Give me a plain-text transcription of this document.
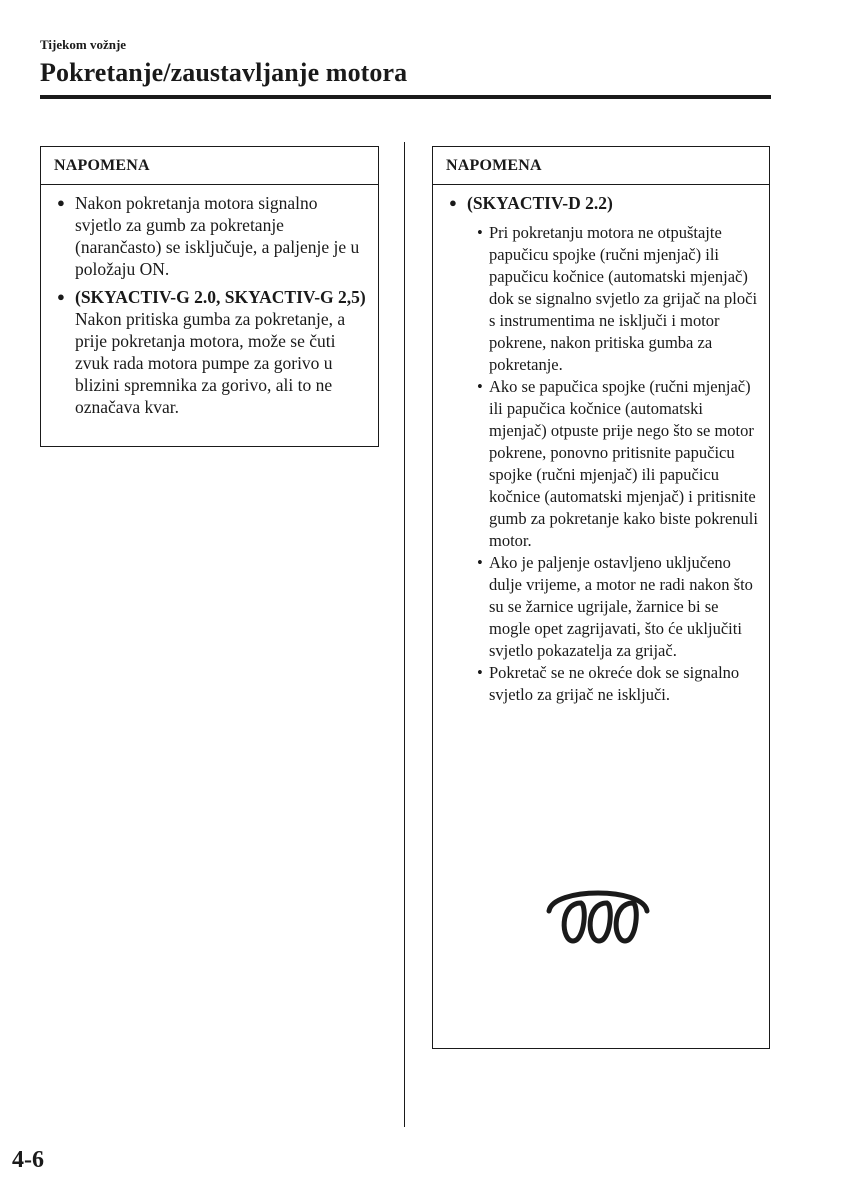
Tijekom vožnje
Pokretanje/zaustavljanje motora
NAPOMENA
● Nakon pokretanja motora signalno svjetlo za gumb za pokretanje (narančasto) se isključuje, a paljenje je u položaju ON.
● (SKYACTIV-G 2.0, SKYACTIV-G 2,5)
Nakon pritiska gumba za pokretanje, a prije pokretanja motora, može se čuti zvuk rada motora pumpe za gorivo u blizini spremnika za gorivo, ali to ne označava kvar.
NAPOMENA
● (SKYACTIV-D 2.2)
• Pri pokretanju motora ne otpuštajte papučicu spojke (ručni mjenjač) ili papučicu kočnice (automatski mjenjač) dok se signalno svjetlo za grijač na ploči s instrumentima ne isključi i motor pokrene, nakon pritiska gumba za pokretanje.
• Ako se papučica spojke (ručni mjenjač) ili papučica kočnice (automatski mjenjač) otpuste prije nego što se motor pokrene, ponovno pritisnite papučicu spojke (ručni mjenjač) ili papučicu kočnice (automatski mjenjač) i pritisnite gumb za pokretanje kako biste pokrenuli motor.
• Ako je paljenje ostavljeno uključeno dulje vrijeme, a motor ne radi nakon što su se žarnice ugrijale, žarnice bi se mogle opet zagrijavati, što će uključiti svjetlo pokazatelja za grijač.
• Pokretač se ne okreće dok se signalno svjetlo za grijač ne isključi.
4-6
